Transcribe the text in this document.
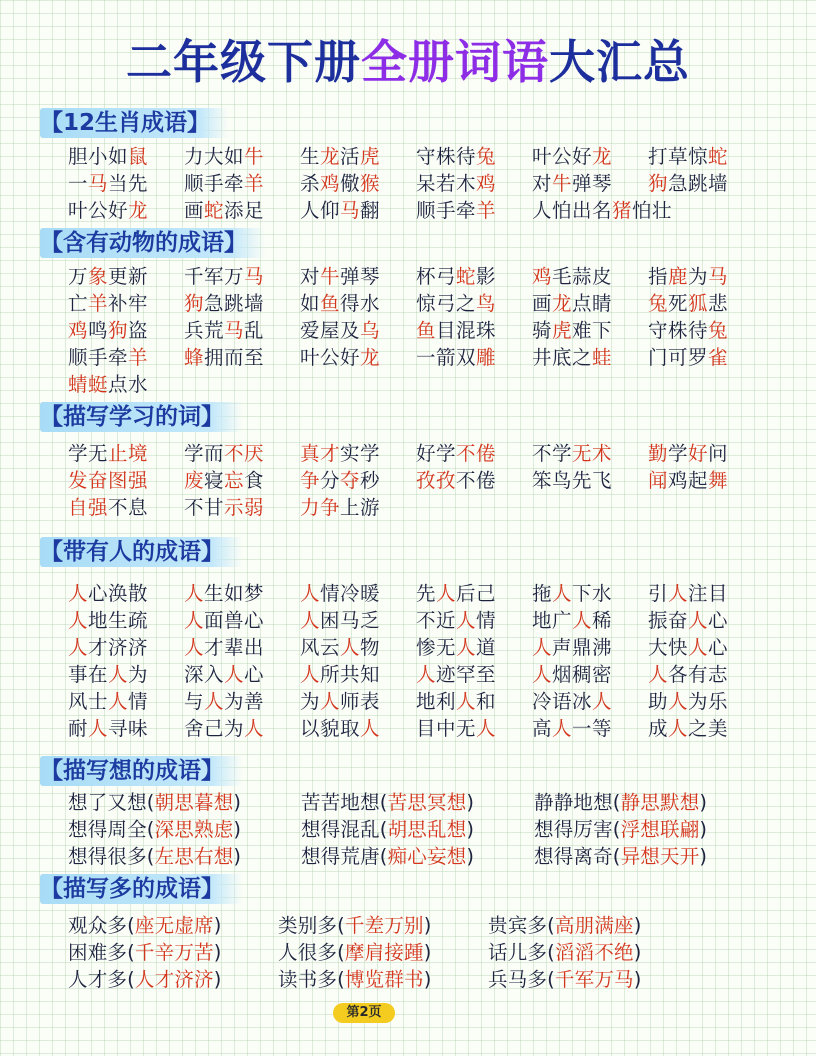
二年级下册全册词语大汇总
【12生肖成语】
胆小如鼠 力大如牛 生龙活虎 守株待兔 叶公好龙 打草惊蛇
一马当先 顺手牵羊 杀鸡儆猴 呆若木鸡 对牛弹琴 狗急跳墙
叶公好龙 画蛇添足 人仰马翻 顺手牵羊 人怕出名猪怕壮
【含有动物的成语】
万象更新 千军万马 对牛弹琴 杯弓蛇影 鸡毛蒜皮 指鹿为马
亡羊补牢 狗急跳墙 如鱼得水 惊弓之鸟 画龙点睛 兔死狐悲
鸡鸣狗盗 兵荒马乱 爱屋及乌 鱼目混珠 骑虎难下 守株待兔
顺手牵羊 蜂拥而至 叶公好龙 一箭双雕 井底之蛙 门可罗雀
蜻蜓点水
【描写学习的词】
学无止境 学而不厌 真才实学 好学不倦 不学无术 勤学好问
发奋图强 废寝忘食 争分夺秒 孜孜不倦 笨鸟先飞 闻鸡起舞
自强不息 不甘示弱 力争上游
【带有人的成语】
人心涣散 人生如梦 人情冷暖 先人后己 拖人下水 引人注目
人地生疏 人面兽心 人困马乏 不近人情 地广人稀 振奋人心
人才济济 人才辈出 风云人物 惨无人道 人声鼎沸 大快人心
事在人为 深入人心 人所共知 人迹罕至 人烟稠密 人各有志
风士人情 与人为善 为人师表 地利人和 冷语冰人 助人为乐
耐人寻味 舍己为人 以貌取人 目中无人 高人一等 成人之美
【描写想的成语】
想了又想(朝思暮想)	苦苦地想(苦思冥想)	静静地想(静思默想)
想得周全(深思熟虑)	想得混乱(胡思乱想)	想得厉害(浮想联翩)
想得很多(左思右想)	想得荒唐(痴心妄想)	想得离奇(异想天开)
【描写多的成语】
观众多(座无虚席)	类别多(千差万别)	贵宾多(高朋满座)
困难多(千辛万苦)	人很多(摩肩接踵)	话儿多(滔滔不绝)
人才多(人才济济)	读书多(博览群书)	兵马多(千军万马)
第2页
